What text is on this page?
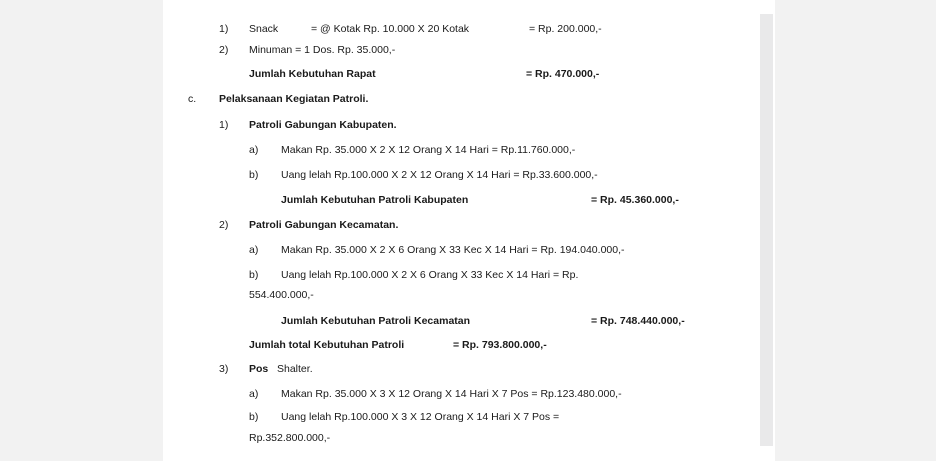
1) Snack	= @ Kotak Rp. 10.000 X 20 Kotak	= Rp. 200.000,-
2) Minuman = 1 Dos. Rp. 35.000,-
Jumlah Kebutuhan Rapat	= Rp. 470.000,-
c. Pelaksanaan Kegiatan Patroli.
1) Patroli Gabungan Kabupaten.
a) Makan Rp. 35.000 X 2 X 12 Orang X 14 Hari = Rp.11.760.000,-
b) Uang lelah Rp.100.000 X 2 X 12 Orang X 14 Hari = Rp.33.600.000,-
Jumlah Kebutuhan Patroli Kabupaten	= Rp. 45.360.000,-
2) Patroli Gabungan Kecamatan.
a) Makan Rp. 35.000 X 2 X 6 Orang X 33 Kec X 14 Hari = Rp. 194.040.000,-
b) Uang lelah Rp.100.000 X 2 X 6 Orang X 33 Kec X 14 Hari = Rp.
554.400.000,-
Jumlah Kebutuhan Patroli Kecamatan	= Rp. 748.440.000,-
Jumlah total Kebutuhan Patroli	= Rp. 793.800.000,-
3) Pos Shalter.
a) Makan Rp. 35.000 X 3 X 12 Orang X 14 Hari X 7 Pos = Rp.123.480.000,-
b) Uang lelah Rp.100.000 X 3 X 12 Orang X 14 Hari X 7 Pos =
Rp.352.800.000,-
